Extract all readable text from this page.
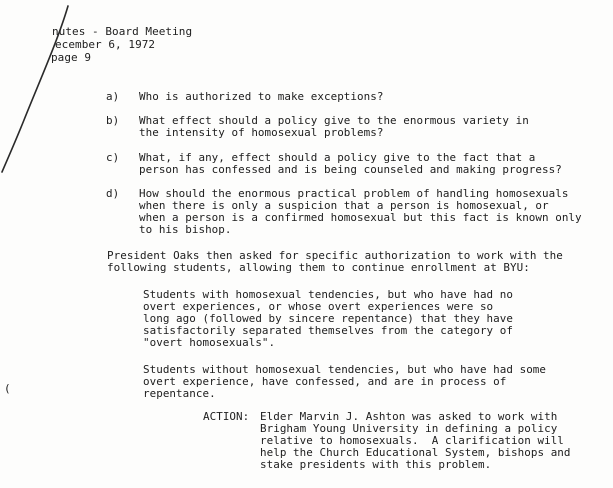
nutes - Board Meeting
ecember 6, 1972
page 9
a) Who is authorized to make exceptions?
b) What effect should a policy give to the enormous variety in
the intensity of homosexual problems?
c) What, if any, effect should a policy give to the fact that a
person has confessed and is being counseled and making progress?
d) How should the enormous practical problem of handling homosexuals
when there is only a suspicion that a person is homosexual, or
when a person is a confirmed homosexual but this fact is known only
to his bishop.
President Oaks then asked for specific authorization to work with the
following students, allowing them to continue enrollment at BYU:
Students with homosexual tendencies, but who have had no
overt experiences, or whose overt experiences were so
long ago (followed by sincere repentance) that they have
satisfactorily separated themselves from the category of
"overt homosexuals".
Students without homosexual tendencies, but who have had some
overt experience, have confessed, and are in process of
repentance.
(
ACTION: Elder Marvin J. Ashton was asked to work with
Brigham Young University in defining a policy
relative to homosexuals.  A clarification will
help the Church Educational System, bishops and
stake presidents with this problem.
